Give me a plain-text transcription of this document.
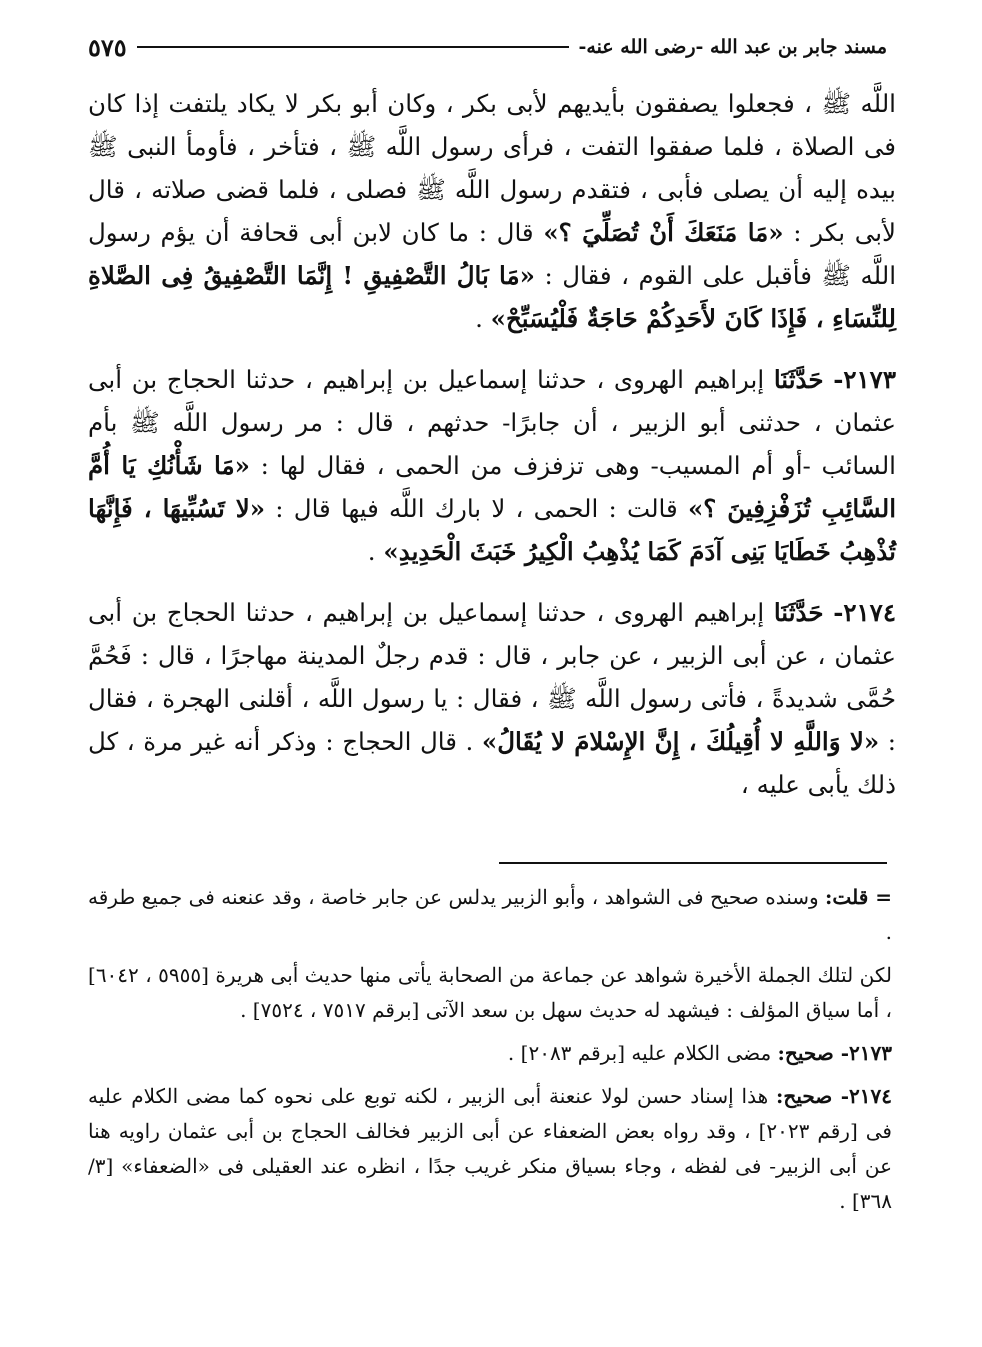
مسند جابر بن عبد الله -رضى الله عنه-
٥٧٥

اللَّه ﷺ ، فجعلوا يصفقون بأيديهم لأبى بكر ، وكان أبو بكر لا يكاد يلتفت إذا كان فى الصلاة ، فلما صفقوا التفت ، فرأى رسول اللَّه ﷺ ، فتأخر ، فأومأ النبى ﷺ بيده إليه أن يصلى فأبى ، فتقدم رسول اللَّه ﷺ فصلى ، فلما قضى صلاته ، قال لأبى بكر : «مَا مَنَعَكَ أَنْ تُصَلِّيَ ؟» قال : ما كان لابن أبى قحافة أن يؤم رسول اللَّه ﷺ فأقبل على القوم ، فقال : «مَا بَالُ التَّصْفِيقِ ! إِنَّمَا التَّصْفِيقُ فِى الصَّلاةِ لِلنِّسَاءِ ، فَإِذَا كَانَ لأَحَدِكُمْ حَاجَةٌ فَلْيُسَبِّحْ» .

٢١٧٣- حَدَّثَنَا إبراهيم الهروى ، حدثنا إسماعيل بن إبراهيم ، حدثنا الحجاج بن أبى عثمان ، حدثنى أبو الزبير ، أن جابرًا- حدثهم ، قال : مر رسول اللَّه ﷺ بأم السائب -أو أم المسيب- وهى تزفزف من الحمى ، فقال لها : «مَا شَأْنُكِ يَا أُمَّ السَّائِبِ تُزَفْزِفِينَ ؟» قالت : الحمى ، لا بارك اللَّه فيها قال : «لا تَسُبِّيهَا ، فَإِنَّهَا تُذْهِبُ خَطَايَا بَنِى آدَمَ كَمَا يُذْهِبُ الْكِيرُ خَبَثَ الْحَدِيدِ» .

٢١٧٤- حَدَّثَنَا إبراهيم الهروى ، حدثنا إسماعيل بن إبراهيم ، حدثنا الحجاج بن أبى عثمان ، عن أبى الزبير ، عن جابر ، قال : قدم رجلٌ المدينة مهاجرًا ، قال : فَحُمَّ حُمَّى شديدةً ، فأتى رسول اللَّه ﷺ ، فقال : يا رسول اللَّه ، أقلنى الهجرة ، فقال : «لا وَاللَّهِ لا أُقِيلُكَ ، إِنَّ الإِسْلامَ لا يُقَالُ» . قال الحجاج : وذكر أنه غير مرة ، كل ذلك يأبى عليه ،

= قلت: وسنده صحيح فى الشواهد ، وأبو الزبير يدلس عن جابر خاصة ، وقد عنعنه فى جميع طرقه .

لكن لتلك الجملة الأخيرة شواهد عن جماعة من الصحابة يأتى منها حديث أبى هريرة [٥٩٥٥ ، ٦٠٤٢] ، أما سياق المؤلف : فيشهد له حديث سهل بن سعد الآتى [برقم ٧٥١٧ ، ٧٥٢٤] .

٢١٧٣- صحيح: مضى الكلام عليه [برقم ٢٠٨٣] .

٢١٧٤- صحيح: هذا إسناد حسن لولا عنعنة أبى الزبير ، لكنه توبع على نحوه كما مضى الكلام عليه فى [رقم ٢٠٢٣] ، وقد رواه بعض الضعفاء عن أبى الزبير فخالف الحجاج بن أبى عثمان راويه هنا عن أبى الزبير- فى لفظه ، وجاء بسياق منكر غريب جدًا ، انظره عند العقيلى فى «الضعفاء» [٣/ ٣٦٨] .
